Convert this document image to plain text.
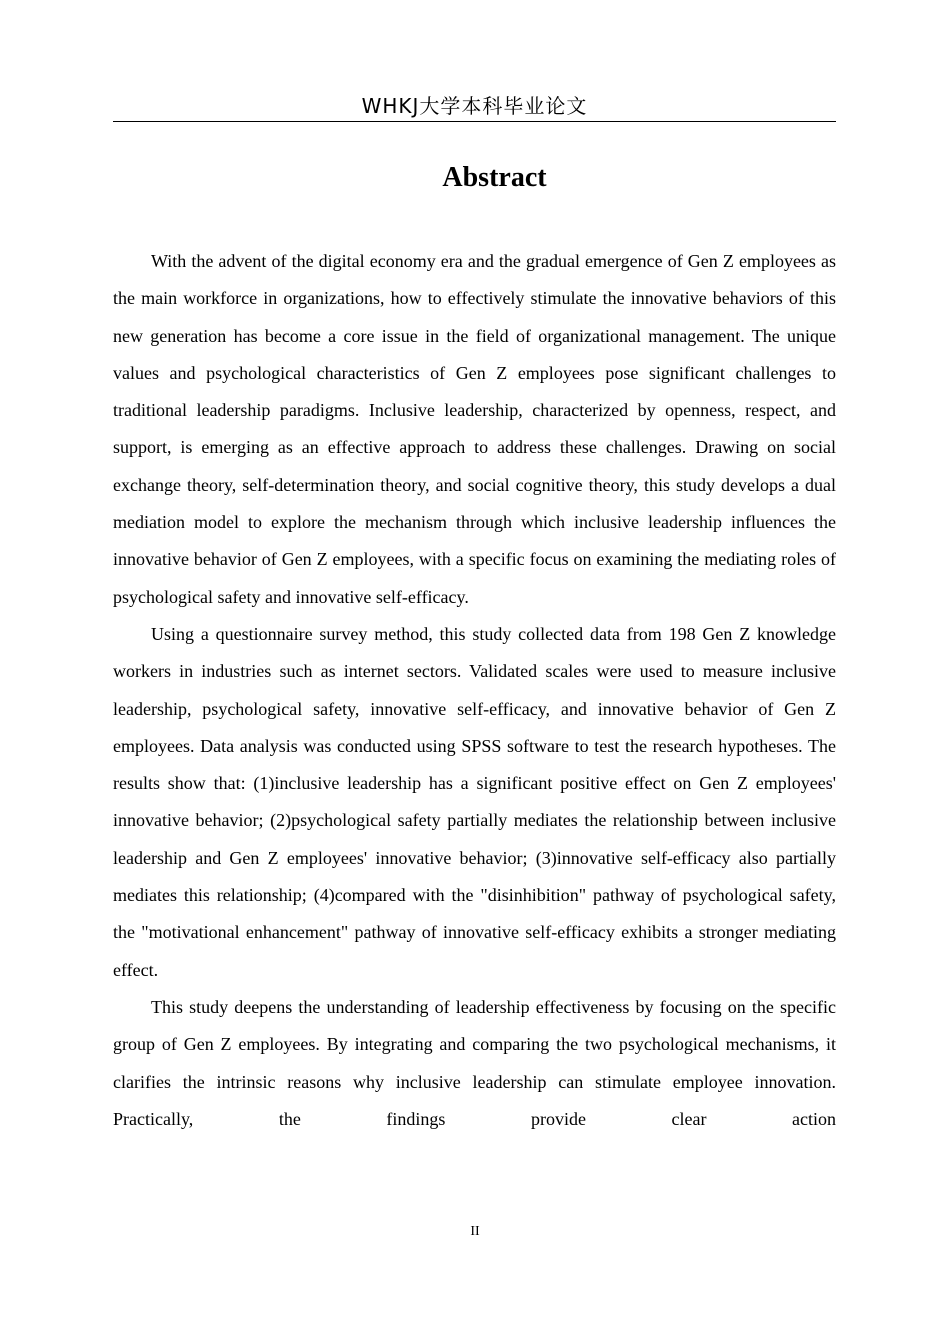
WHKJ大学本科毕业论文
Abstract

With the advent of the digital economy era and the gradual emergence of Gen Z employees as the main workforce in organizations, how to effectively stimulate the innovative behaviors of this new generation has become a core issue in the field of organizational management. The unique values and psychological characteristics of Gen Z employees pose significant challenges to traditional leadership paradigms. Inclusive leadership, characterized by openness, respect, and support, is emerging as an effective approach to address these challenges. Drawing on social exchange theory, self-determination theory, and social cognitive theory, this study develops a dual mediation model to explore the mechanism through which inclusive leadership influences the innovative behavior of Gen Z employees, with a specific focus on examining the mediating roles of psychological safety and innovative self-efficacy.

Using a questionnaire survey method, this study collected data from 198 Gen Z knowledge workers in industries such as internet sectors. Validated scales were used to measure inclusive leadership, psychological safety, innovative self-efficacy, and innovative behavior of Gen Z employees. Data analysis was conducted using SPSS software to test the research hypotheses. The results show that: (1)inclusive leadership has a significant positive effect on Gen Z employees' innovative behavior; (2)psychological safety partially mediates the relationship between inclusive leadership and Gen Z employees' innovative behavior; (3)innovative self-efficacy also partially mediates this relationship; (4)compared with the "disinhibition" pathway of psychological safety, the "motivational enhancement" pathway of innovative self-efficacy exhibits a stronger mediating effect.

This study deepens the understanding of leadership effectiveness by focusing on the specific group of Gen Z employees. By integrating and comparing the two psychological mechanisms, it clarifies the intrinsic reasons why inclusive leadership can stimulate employee innovation. Practically, the findings provide clear action

II
